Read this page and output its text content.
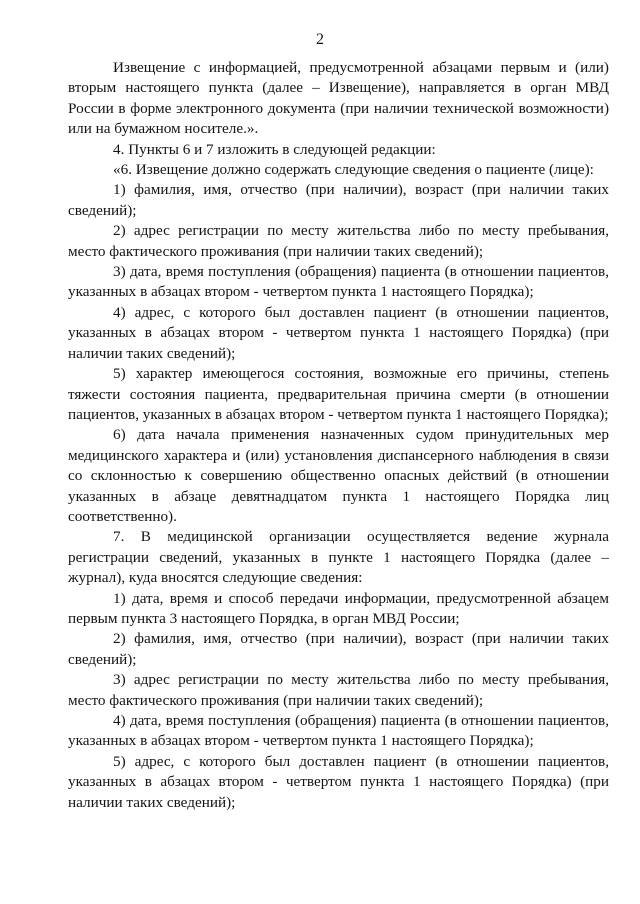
2

Извещение с информацией, предусмотренной абзацами первым и (или) вторым настоящего пункта (далее – Извещение), направляется в орган МВД России в форме электронного документа (при наличии технической возможности) или на бумажном носителе.».

4. Пункты 6 и 7 изложить в следующей редакции:

«6. Извещение должно содержать следующие сведения о пациенте (лице):

1) фамилия, имя, отчество (при наличии), возраст (при наличии таких сведений);

2) адрес регистрации по месту жительства либо по месту пребывания, место фактического проживания (при наличии таких сведений);

3) дата, время поступления (обращения) пациента (в отношении пациентов, указанных в абзацах втором - четвертом пункта 1 настоящего Порядка);

4) адрес, с которого был доставлен пациент (в отношении пациентов, указанных в абзацах втором - четвертом пункта 1 настоящего Порядка) (при наличии таких сведений);

5) характер имеющегося состояния, возможные его причины, степень тяжести состояния пациента, предварительная причина смерти (в отношении пациентов, указанных в абзацах втором - четвертом пункта 1 настоящего Порядка);

6) дата начала применения назначенных судом принудительных мер медицинского характера и (или) установления диспансерного наблюдения в связи со склонностью к совершению общественно опасных действий (в отношении указанных в абзаце девятнадцатом пункта 1 настоящего Порядка лиц соответственно).

7. В медицинской организации осуществляется ведение журнала регистрации сведений, указанных в пункте 1 настоящего Порядка (далее – журнал), куда вносятся следующие сведения:

1) дата, время и способ передачи информации, предусмотренной абзацем первым пункта 3 настоящего Порядка, в орган МВД России;

2) фамилия, имя, отчество (при наличии), возраст (при наличии таких сведений);

3) адрес регистрации по месту жительства либо по месту пребывания, место фактического проживания (при наличии таких сведений);

4) дата, время поступления (обращения) пациента (в отношении пациентов, указанных в абзацах втором - четвертом пункта 1 настоящего Порядка);

5) адрес, с которого был доставлен пациент (в отношении пациентов, указанных в абзацах втором - четвертом пункта 1 настоящего Порядка) (при наличии таких сведений);
